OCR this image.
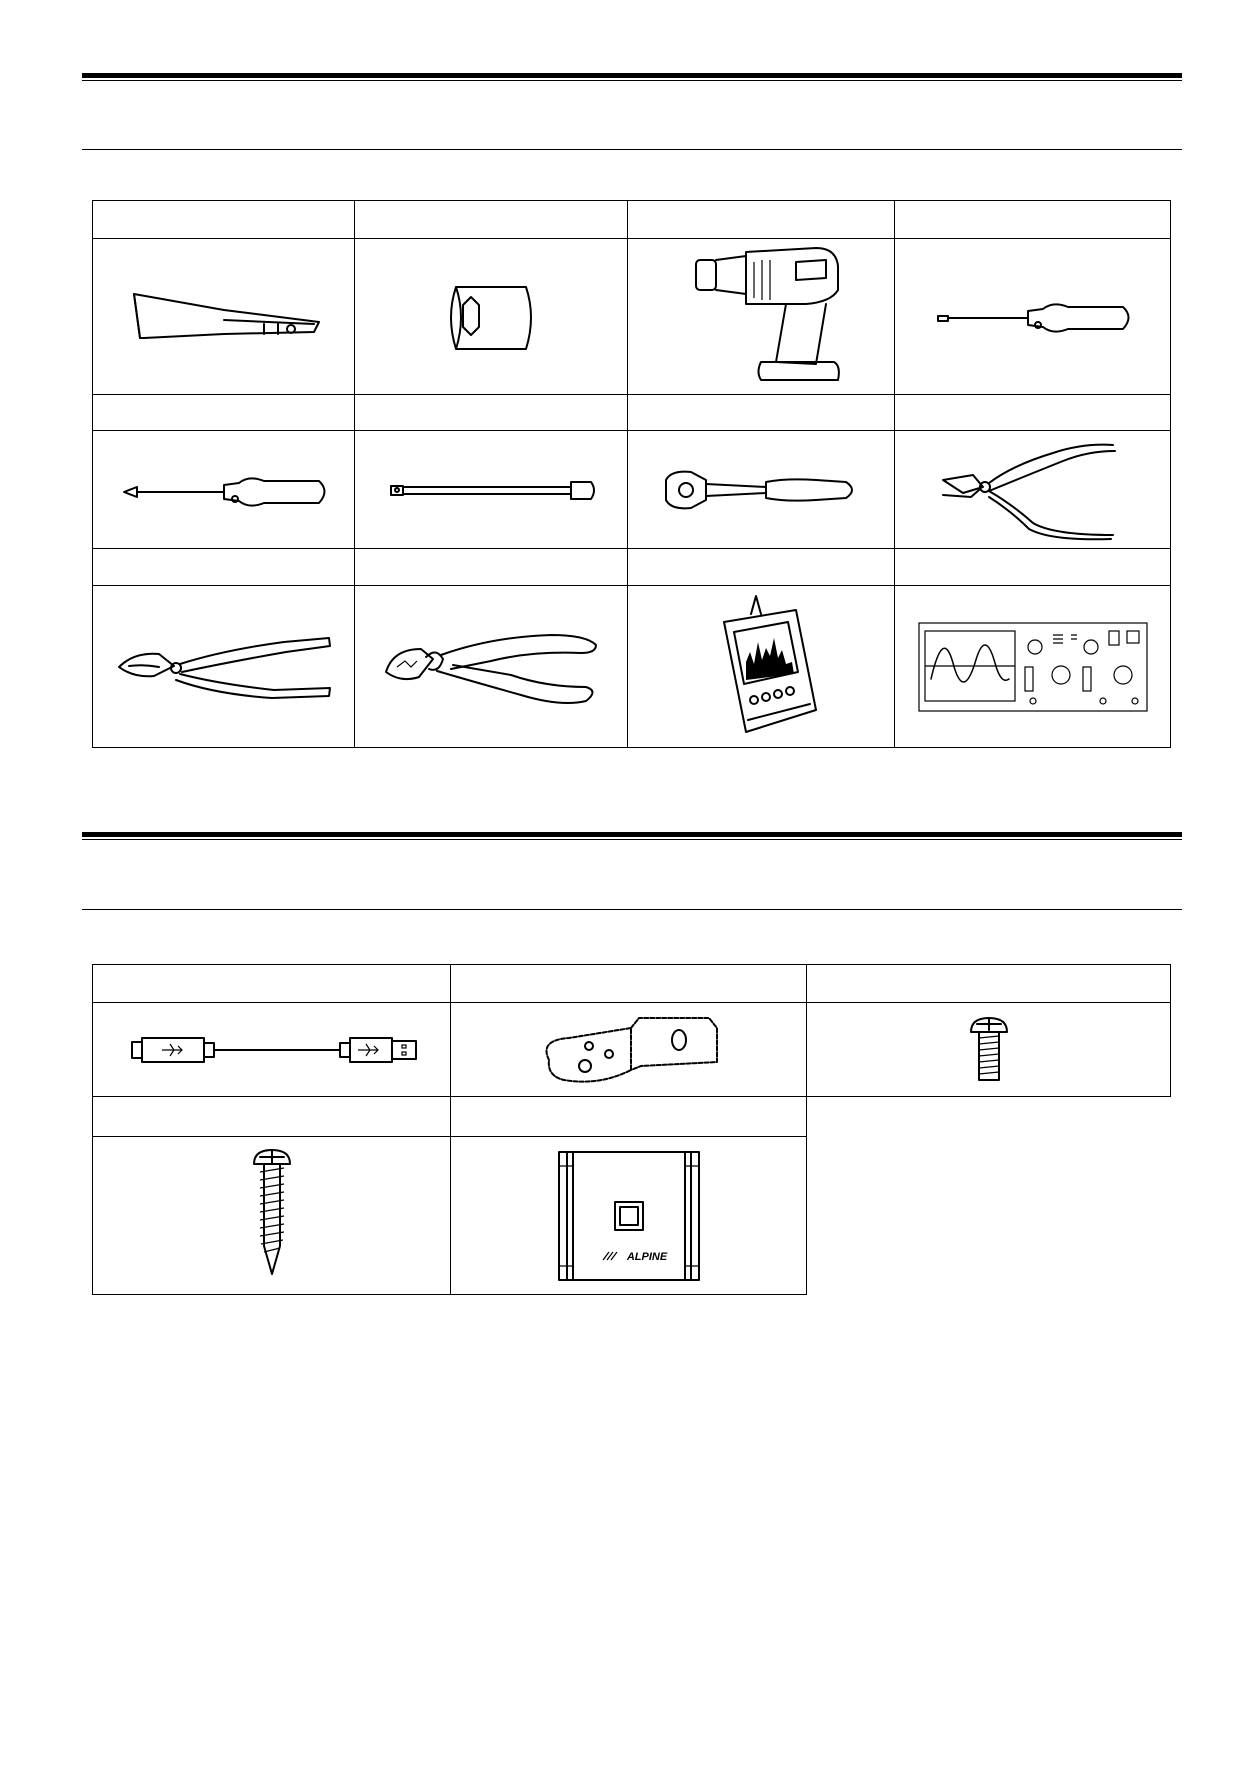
ALPINE	
